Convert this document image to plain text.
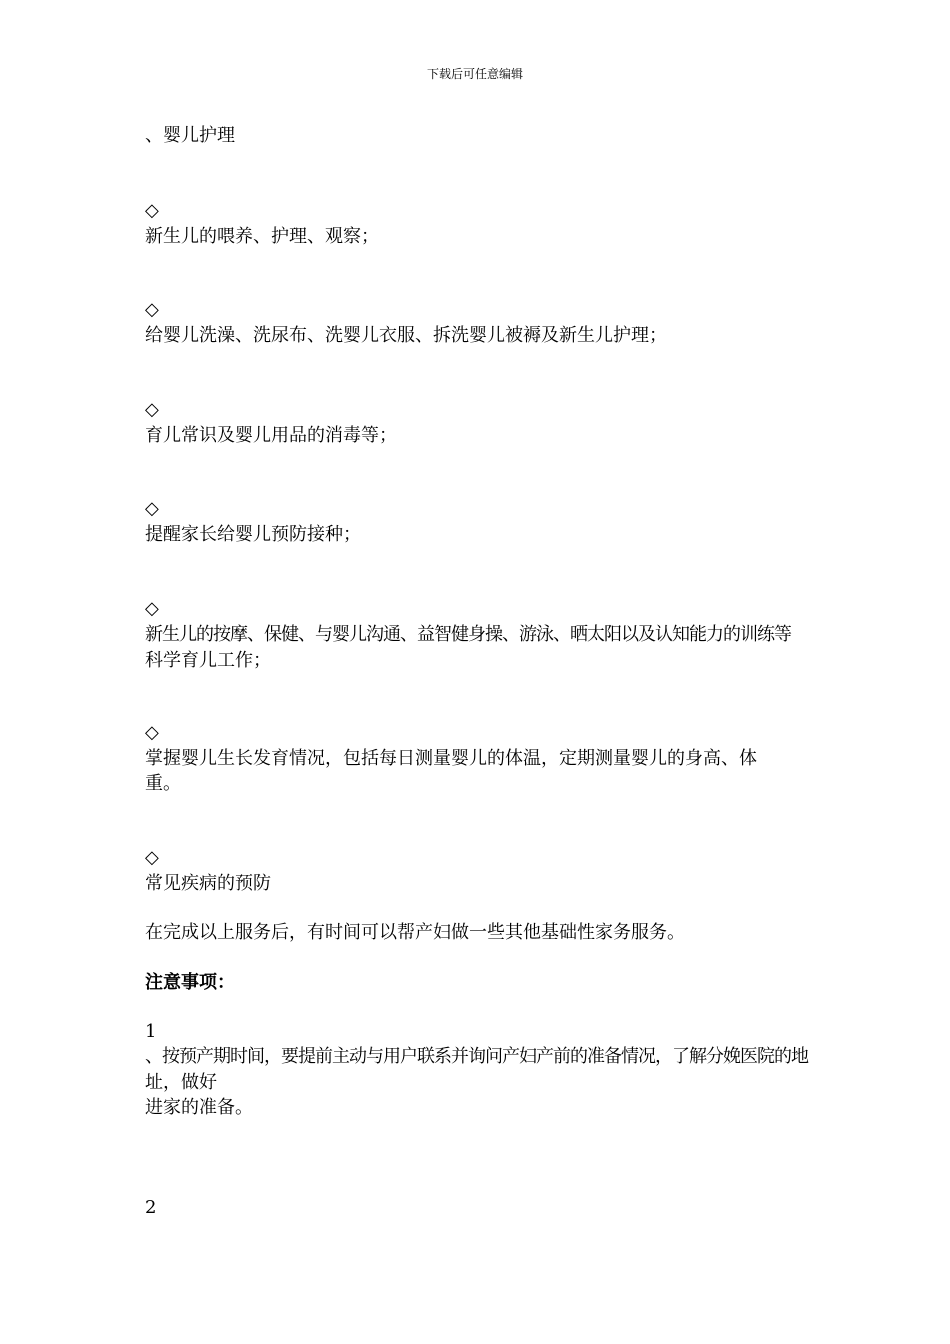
下载后可任意编辑
、婴儿护理
◇
新生儿的喂养、护理、观察；
◇
给婴儿洗澡、洗尿布、洗婴儿衣服、拆洗婴儿被褥及新生儿护理；
◇
育儿常识及婴儿用品的消毒等；
◇
提醒家长给婴儿预防接种；
◇
新生儿的按摩、保健、与婴儿沟通、益智健身操、游泳、晒太阳以及认知能力的训练等
科学育儿工作；
◇
掌握婴儿生长发育情况，包括每日测量婴儿的体温，定期测量婴儿的身高、体
重。
◇
常见疾病的预防
在完成以上服务后，有时间可以帮产妇做一些其他基础性家务服务。
注意事项：
1
、按预产期时间，要提前主动与用户联系并询问产妇产前的准备情况，了解分娩医院的地
址，做好
进家的准备。
2
